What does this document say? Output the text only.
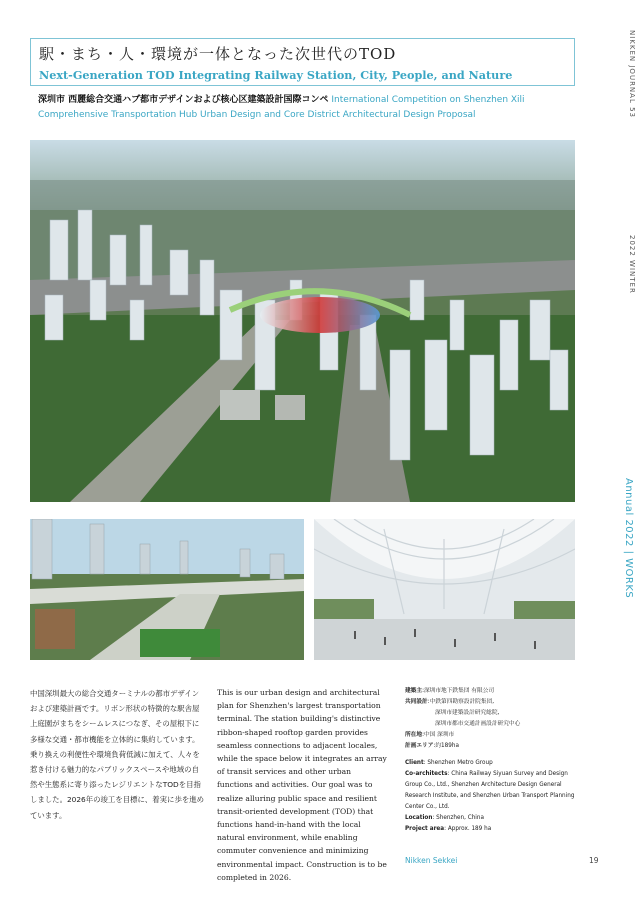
駅・まち・人・環境が一体となった次世代のTOD
Next-Generation TOD Integrating Railway Station, City, People, and Nature
深圳市 西麗総合交通ハブ都市デザインおよび核心区建築設計国際コンペ International Competition on Shenzhen Xili Comprehensive Transportation Hub Urban Design and Core District Architectural Design Proposal	NIKKEN JOURNAL 53
2022 WINTER
Annual 2022 | WORKS
中国深圳最大の総合交通ターミナルの都市デザインおよび建築計画です。リボン形状の特徴的な駅舎屋上庭園がまちをシームレスにつなぎ、その屋根下に多様な交通・都市機能を立体的に集約しています。乗り換えの利便性や環境負荷低減に加えて、人々を惹き付ける魅力的なパブリックスペースや地域の自然や生態系に寄り添ったレジリエントなTODを目指しました。2026年の竣工を目標に、着実に歩を進めています。
This is our urban design and architectural plan for Shenzhen's largest transportation terminal. The station building's distinctive ribbon-shaped rooftop garden provides seamless connections to adjacent locales, while the space below it integrates an array of transit services and other urban functions and activities. Our goal was to realize alluring public space and resilient transit-oriented development (TOD) that functions hand-in-hand with the local natural environment, while enabling commuter convenience and minimizing environmental impact. Construction is to be completed in 2026.
建築主:深圳市地下鉄集団 有限公司
共同設計:中鉄第四勘察設計院集団,
深圳市建築設計研究総院,
深圳市都市交通計画設計研究中心
所在地:中国 深圳市
計画エリア:約189ha
Client: Shenzhen Metro Group
Co-architects: China Railway Siyuan Survey and Design Group Co., Ltd., Shenzhen Architecture Design General Research Institute, and Shenzhen Urban Transport Planning Center Co., Ltd.
Location: Shenzhen, China
Project area: Approx. 189 ha
Nikken Sekkei	19
